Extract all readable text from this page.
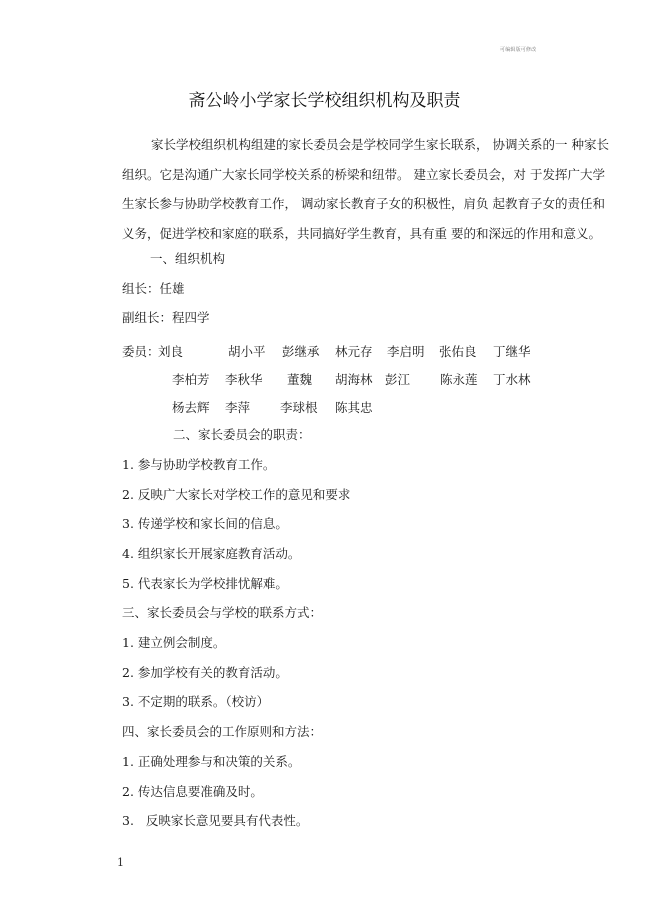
可编辑版可修改
斋公岭小学家长学校组织机构及职责
家长学校组织机构组建的家长委员会是学校同学生家长联系， 协调关系的一 种家长
组织。它是沟通广大家长同学校关系的桥梁和纽带。 建立家长委员会，对 于发挥广大学
生家长参与协助学校教育工作， 调动家长教育子女的积极性，肩负 起教育子女的责任和
义务，促进学校和家庭的联系，共同搞好学生教育，具有重 要的和深远的作用和意义。
一、组织机构
组长：任雄
副组长：程四学
委员：
刘良	胡小平 彭继承 林元存 李启明 张佑良 丁继华
李柏芳 李秋华 董魏 胡海林 彭江 陈永莲 丁水林
杨去辉 李萍 李球根 陈其忠
二、家长委员会的职责：
1. 参与协助学校教育工作。
2. 反映广大家长对学校工作的意见和要求
3. 传递学校和家长间的信息。
4. 组织家长开展家庭教育活动。
5. 代表家长为学校排忧解难。
三、家长委员会与学校的联系方式：
1. 建立例会制度。
2. 参加学校有关的教育活动。
3. 不定期的联系。（校访）
四、家长委员会的工作原则和方法：
1. 正确处理参与和决策的关系。
2. 传达信息要准确及时。
3.   反映家长意见要具有代表性。
1
